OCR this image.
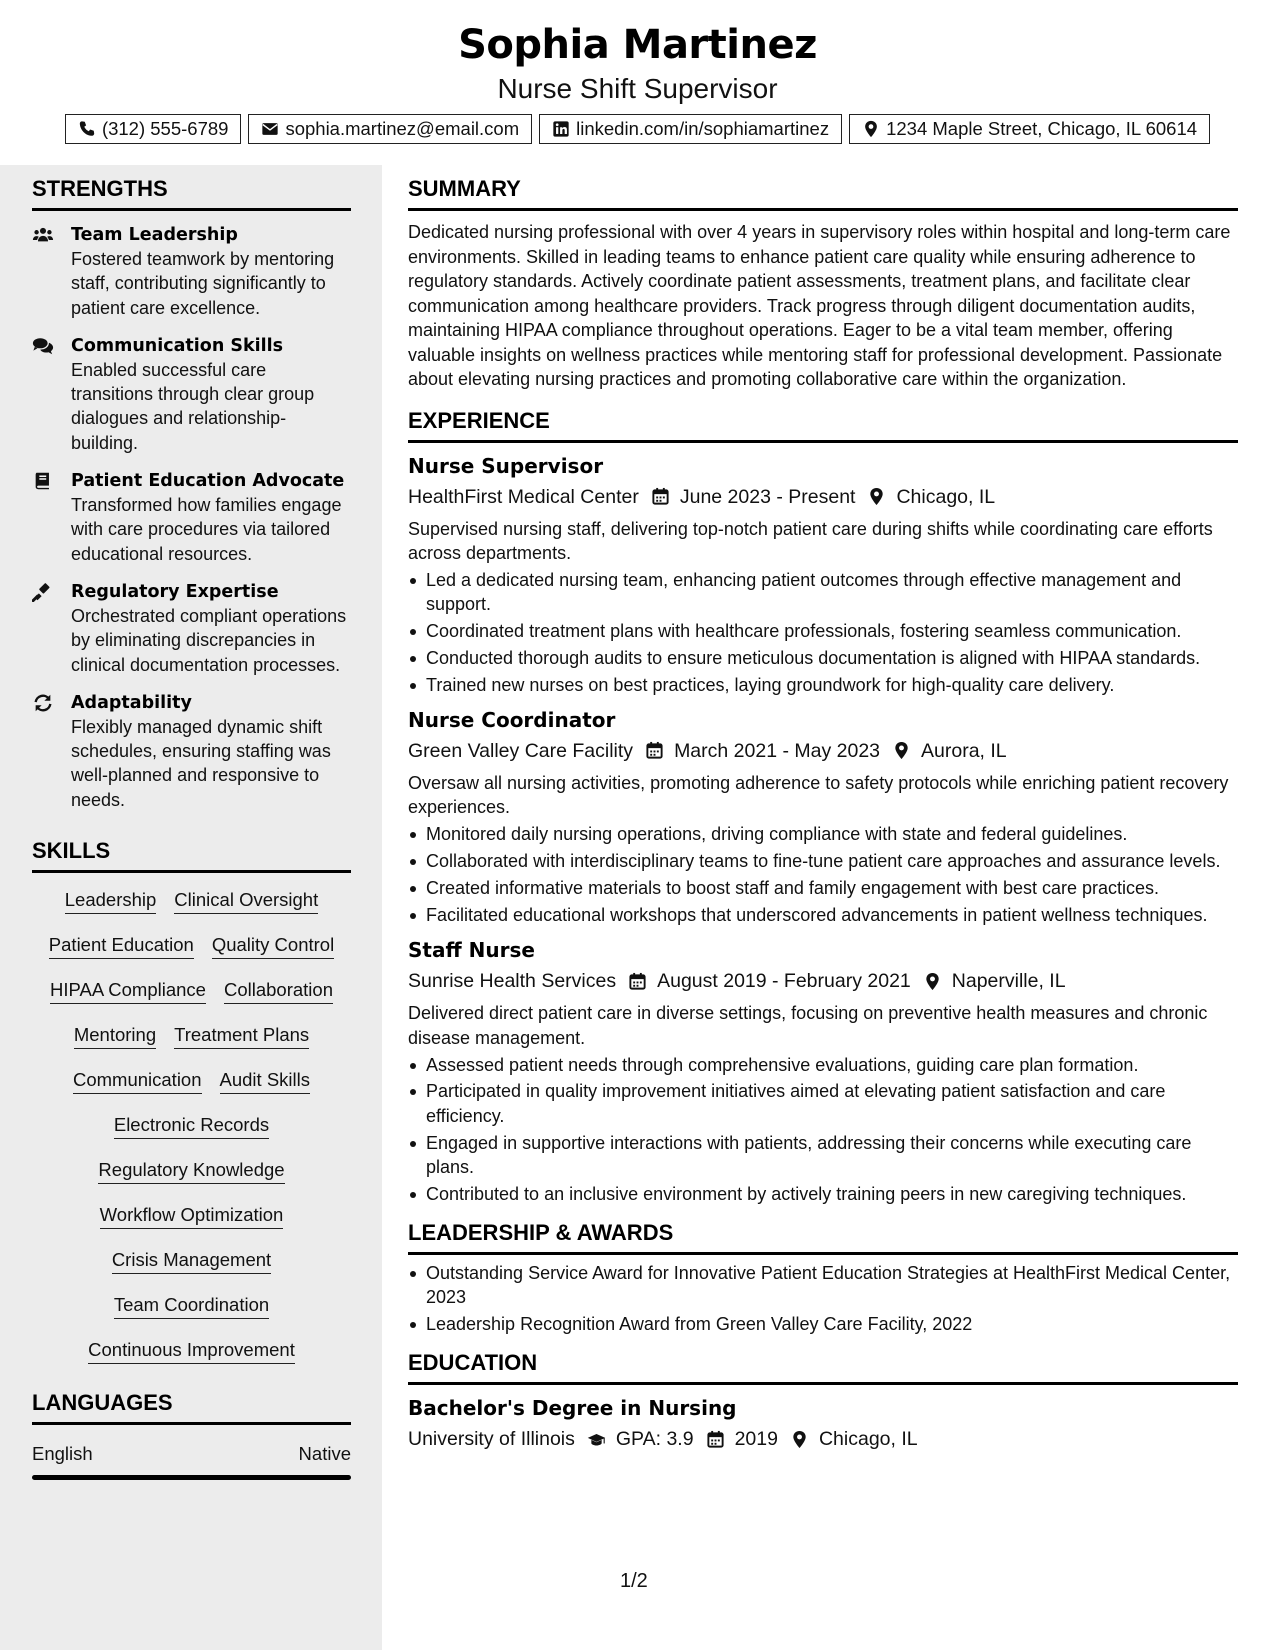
Sophia Martinez
Nurse Shift Supervisor
(312) 555-6789	sophia.martinez@email.com	linkedin.com/in/sophiamartinez	1234 Maple Street, Chicago, IL 60614
STRENGTHS
Team Leadership
Fostered teamwork by mentoring staff, contributing significantly to patient care excellence.
Communication Skills
Enabled successful care transitions through clear group dialogues and relationship-building.
Patient Education Advocate
Transformed how families engage with care procedures via tailored educational resources.
Regulatory Expertise
Orchestrated compliant operations by eliminating discrepancies in clinical documentation processes.
Adaptability
Flexibly managed dynamic shift schedules, ensuring staffing was well-planned and responsive to needs.
SKILLS
Leadership Clinical Oversight
Patient Education Quality Control
HIPAA Compliance Collaboration
Mentoring Treatment Plans
Communication Audit Skills
Electronic Records
Regulatory Knowledge
Workflow Optimization
Crisis Management
Team Coordination
Continuous Improvement
LANGUAGES
English	Native
SUMMARY
Dedicated nursing professional with over 4 years in supervisory roles within hospital and long-term care environments. Skilled in leading teams to enhance patient care quality while ensuring adherence to regulatory standards. Actively coordinate patient assessments, treatment plans, and facilitate clear communication among healthcare providers. Track progress through diligent documentation audits, maintaining HIPAA compliance throughout operations. Eager to be a vital team member, offering valuable insights on wellness practices while mentoring staff for professional development. Passionate about elevating nursing practices and promoting collaborative care within the organization.
EXPERIENCE
Nurse Supervisor
HealthFirst Medical Center June 2023 - Present Chicago, IL
Supervised nursing staff, delivering top-notch patient care during shifts while coordinating care efforts across departments.
Led a dedicated nursing team, enhancing patient outcomes through effective management and support.
Coordinated treatment plans with healthcare professionals, fostering seamless communication.
Conducted thorough audits to ensure meticulous documentation is aligned with HIPAA standards.
Trained new nurses on best practices, laying groundwork for high-quality care delivery.
Nurse Coordinator
Green Valley Care Facility March 2021 - May 2023 Aurora, IL
Oversaw all nursing activities, promoting adherence to safety protocols while enriching patient recovery experiences.
Monitored daily nursing operations, driving compliance with state and federal guidelines.
Collaborated with interdisciplinary teams to fine-tune patient care approaches and assurance levels.
Created informative materials to boost staff and family engagement with best care practices.
Facilitated educational workshops that underscored advancements in patient wellness techniques.
Staff Nurse
Sunrise Health Services August 2019 - February 2021 Naperville, IL
Delivered direct patient care in diverse settings, focusing on preventive health measures and chronic disease management.
Assessed patient needs through comprehensive evaluations, guiding care plan formation.
Participated in quality improvement initiatives aimed at elevating patient satisfaction and care efficiency.
Engaged in supportive interactions with patients, addressing their concerns while executing care plans.
Contributed to an inclusive environment by actively training peers in new caregiving techniques.
LEADERSHIP & AWARDS
Outstanding Service Award for Innovative Patient Education Strategies at HealthFirst Medical Center, 2023
Leadership Recognition Award from Green Valley Care Facility, 2022
EDUCATION
Bachelor's Degree in Nursing
University of Illinois GPA: 3.9 2019 Chicago, IL
1/2
